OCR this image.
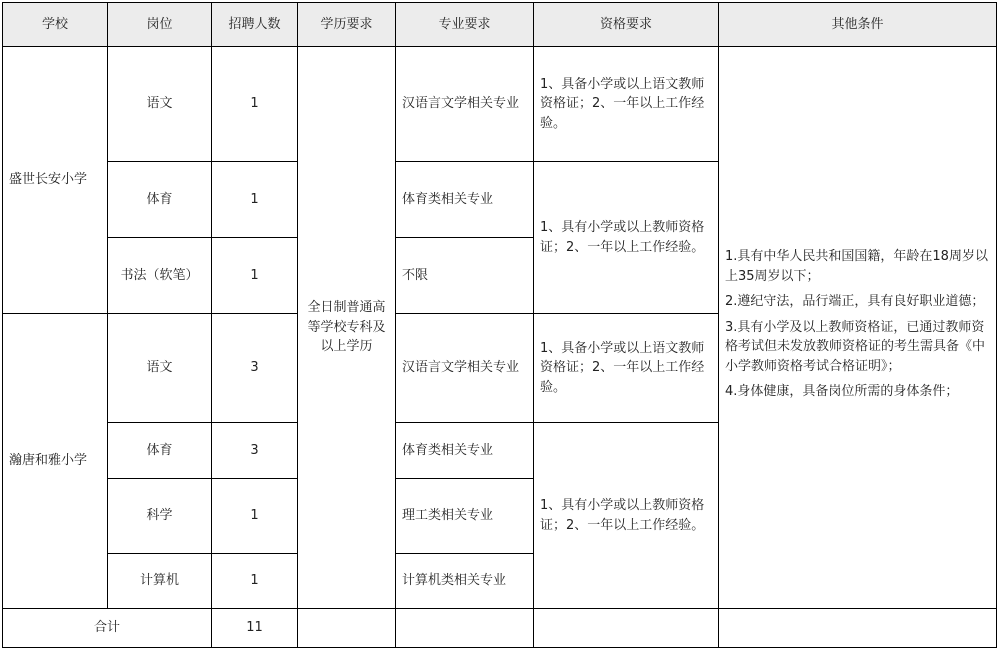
学校	岗位	招聘人数	学历要求	专业要求	资格要求	其他条件
盛世长安小学	语文	1	全日制普通高等学校专科及以上学历	汉语言文学相关专业	1、具备小学或以上语文教师资格证；2、一年以上工作经验。	1.具有中华人民共和国国籍，年龄在18周岁以上35周岁以下；

2.遵纪守法，品行端正，具有良好职业道德；

3.具有小学及以上教师资格证，已通过教师资格考试但未发放教师资格证的考生需具备《中小学教师资格考试合格证明》；

4.身体健康，具备岗位所需的身体条件；

	体育	1		体育类相关专业	1、具有小学或以上教师资格证；2、一年以上工作经验。	
	书法（软笔）	1		不限		
瀚唐和雅小学	语文	3		汉语言文学相关专业	1、具备小学或以上语文教师资格证；2、一年以上工作经验。	
	体育	3		体育类相关专业	1、具有小学或以上教师资格证；2、一年以上工作经验。	
	科学	1		理工类相关专业		
	计算机	1		计算机类相关专业		
合计		11				
